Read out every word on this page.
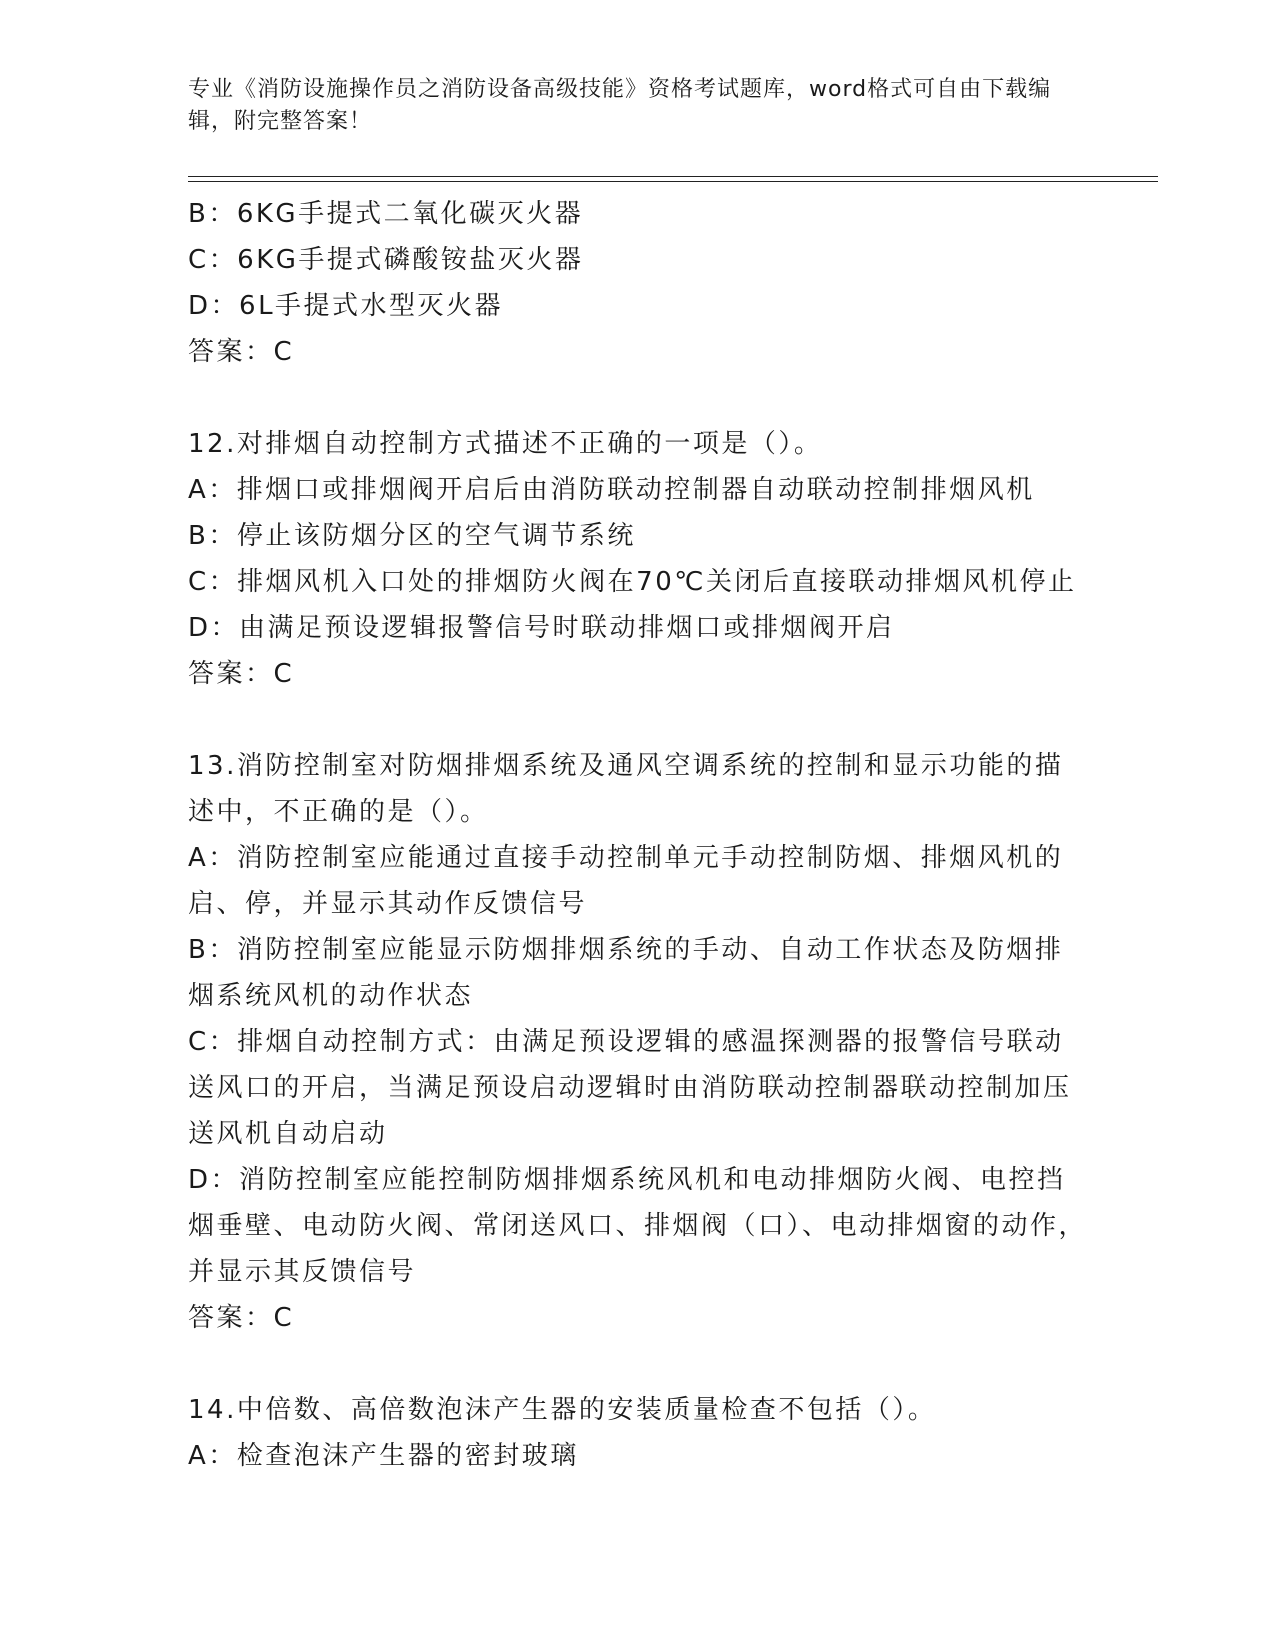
专业《消防设施操作员之消防设备高级技能》资格考试题库，word格式可自由下载编辑，附完整答案！
B：6KG手提式二氧化碳灭火器
C：6KG手提式磷酸铵盐灭火器
D：6L手提式水型灭火器
答案：C
12.对排烟自动控制方式描述不正确的一项是（）。
A：排烟口或排烟阀开启后由消防联动控制器自动联动控制排烟风机
B：停止该防烟分区的空气调节系统
C：排烟风机入口处的排烟防火阀在70℃关闭后直接联动排烟风机停止
D：由满足预设逻辑报警信号时联动排烟口或排烟阀开启
答案：C
13.消防控制室对防烟排烟系统及通风空调系统的控制和显示功能的描述中，不正确的是（）。
A：消防控制室应能通过直接手动控制单元手动控制防烟、排烟风机的启、停，并显示其动作反馈信号
B：消防控制室应能显示防烟排烟系统的手动、自动工作状态及防烟排烟系统风机的动作状态
C：排烟自动控制方式：由满足预设逻辑的感温探测器的报警信号联动送风口的开启，当满足预设启动逻辑时由消防联动控制器联动控制加压送风机自动启动
D：消防控制室应能控制防烟排烟系统风机和电动排烟防火阀、电控挡烟垂壁、电动防火阀、常闭送风口、排烟阀（口）、电动排烟窗的动作，并显示其反馈信号
答案：C
14.中倍数、高倍数泡沫产生器的安装质量检查不包括（）。
A：检查泡沫产生器的密封玻璃
